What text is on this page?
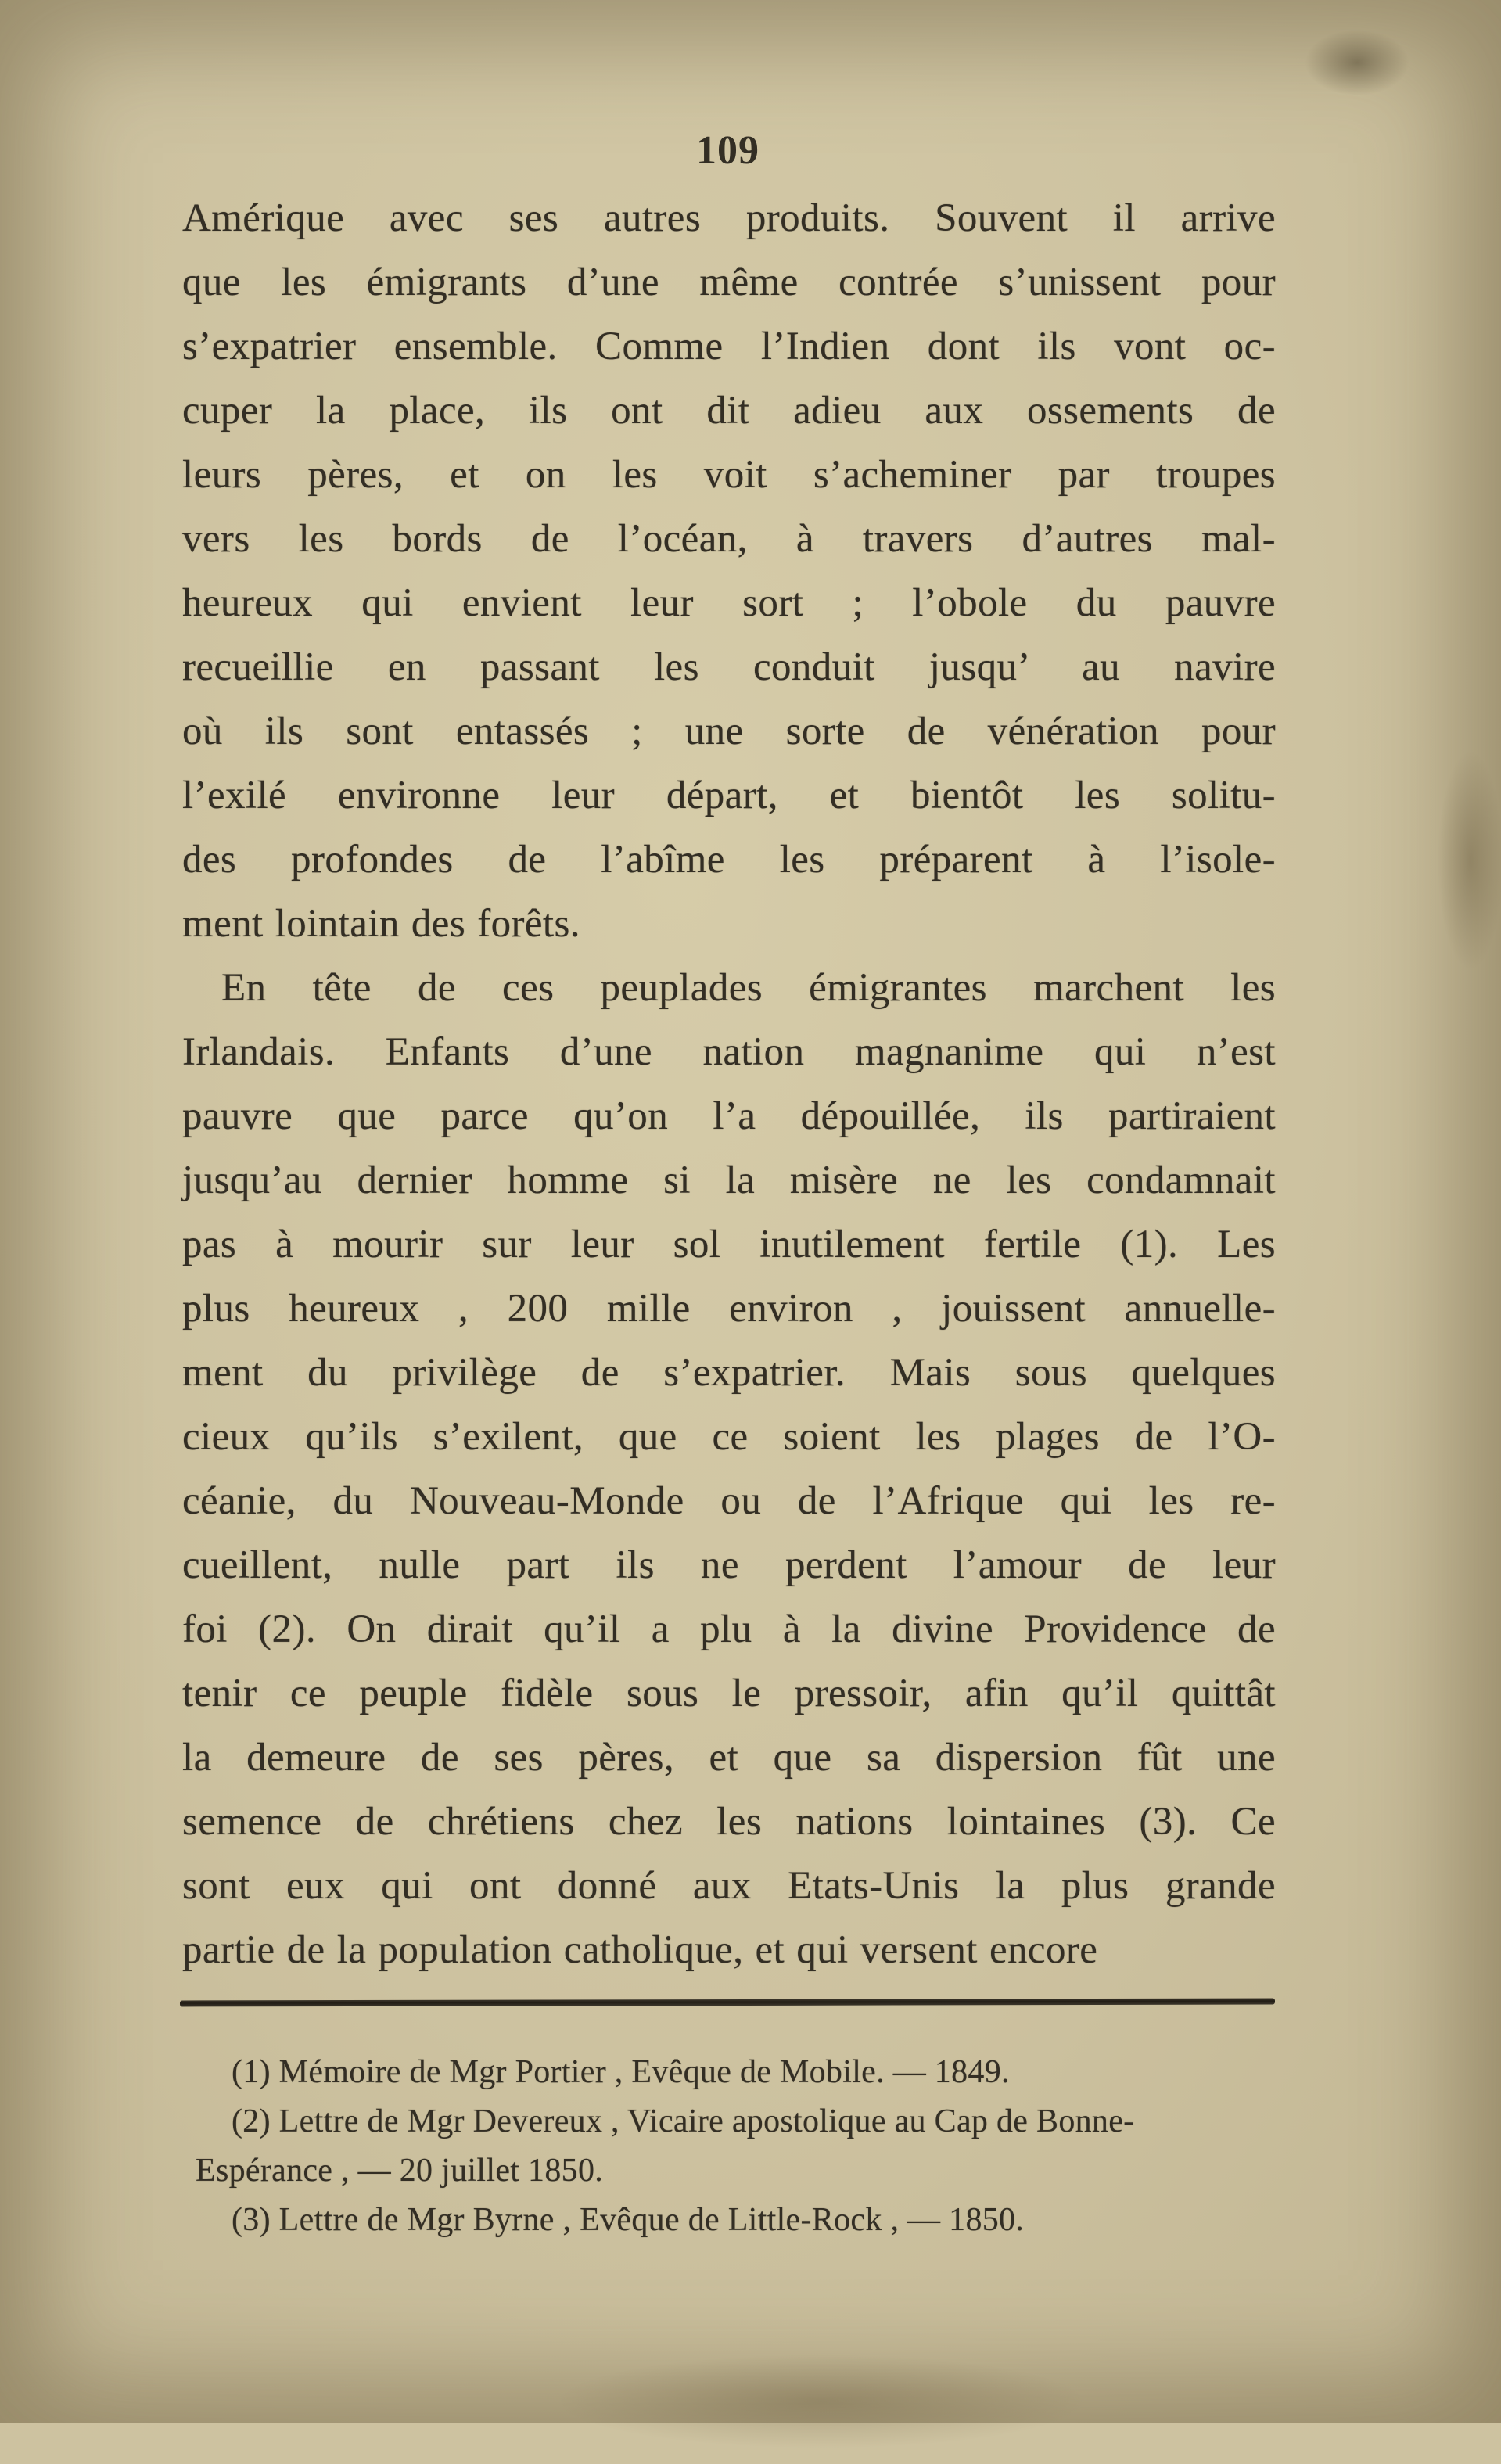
109
Amérique avec ses autres produits. Souvent il arrive
que les émigrants d’une même contrée s’unissent pour
s’expatrier ensemble. Comme l’Indien dont ils vont oc-
cuper la place, ils ont dit adieu aux ossements de
leurs pères, et on les voit s’acheminer par troupes
vers les bords de l’océan, à travers d’autres mal-
heureux qui envient leur sort ; l’obole du pauvre
recueillie en passant les conduit jusqu’ au navire
où ils sont entassés ; une sorte de vénération pour
l’exilé environne leur départ, et bientôt les solitu-
des profondes de l’abîme les préparent à l’isole-
ment lointain des forêts.
En tête de ces peuplades émigrantes marchent les
Irlandais. Enfants d’une nation magnanime qui n’est
pauvre que parce qu’on l’a dépouillée, ils partiraient
jusqu’au dernier homme si la misère ne les condamnait
pas à mourir sur leur sol inutilement fertile (1). Les
plus heureux , 200 mille environ , jouissent annuelle-
ment du privilège de s’expatrier. Mais sous quelques
cieux qu’ils s’exilent, que ce soient les plages de l’O-
céanie, du Nouveau-Monde ou de l’Afrique qui les re-
cueillent, nulle part ils ne perdent l’amour de leur
foi (2). On dirait qu’il a plu à la divine Providence de
tenir ce peuple fidèle sous le pressoir, afin qu’il quittât
la demeure de ses pères, et que sa dispersion fût une
semence de chrétiens chez les nations lointaines (3). Ce
sont eux qui ont donné aux Etats-Unis la plus grande
partie de la population catholique, et qui versent encore
(1) Mémoire de Mgr Portier , Evêque de Mobile. — 1849.
(2) Lettre de Mgr Devereux , Vicaire apostolique au Cap de Bonne-
Espérance , — 20 juillet 1850.
(3) Lettre de Mgr Byrne , Evêque de Little-Rock , — 1850.
